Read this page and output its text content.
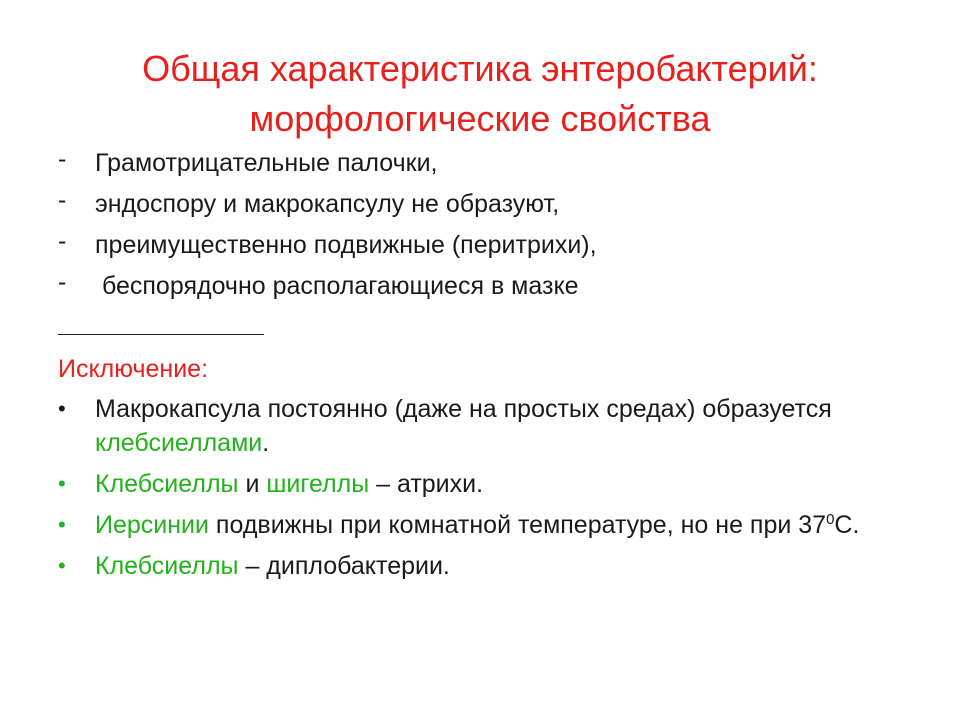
Общая характеристика энтеробактерий:
морфологические свойства
- Грамотрицательные палочки,
- эндоспору и макрокапсулу не образуют,
- преимущественно подвижные (перитрихи),
- беспорядочно располагающиеся в мазке
Исключение:
• Макрокапсула постоянно (даже на простых средах) образуется клебсиеллами.
• Клебсиеллы и шигеллы – атрихи.
• Иерсинии подвижны при комнатной температуре, но не при $37^0С$.
• Клебсиеллы – диплобактерии.
